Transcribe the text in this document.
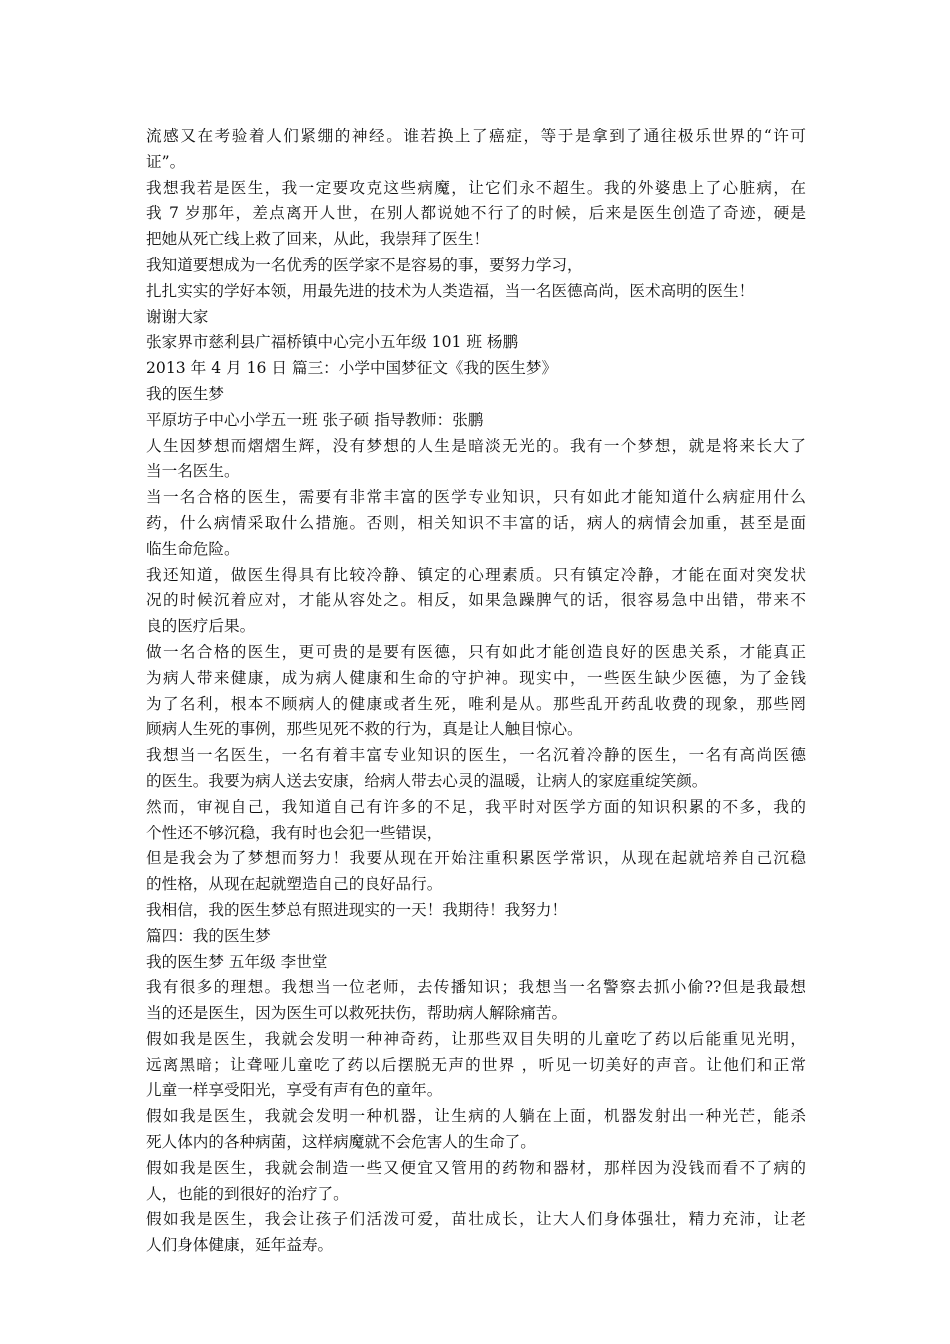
流感又在考验着人们紧绷的神经。谁若换上了癌症，等于是拿到了通往极乐世界的“许可
证”。
我想我若是医生，我一定要攻克这些病魔，让它们永不超生。我的外婆患上了心脏病，在
我 7 岁那年，差点离开人世，在别人都说她不行了的时候，后来是医生创造了奇迹，硬是
把她从死亡线上救了回来，从此，我崇拜了医生！
我知道要想成为一名优秀的医学家不是容易的事，要努力学习，
扎扎实实的学好本领，用最先进的技术为人类造福，当一名医德高尚，医术高明的医生！
谢谢大家
张家界市慈利县广福桥镇中心完小五年级 101 班 杨鹏
2013 年 4 月 16 日 篇三：小学中国梦征文《我的医生梦》
我的医生梦
平原坊子中心小学五一班 张子硕 指导教师：张鹏
人生因梦想而熠熠生辉，没有梦想的人生是暗淡无光的。我有一个梦想，就是将来长大了
当一名医生。
当一名合格的医生，需要有非常丰富的医学专业知识，只有如此才能知道什么病症用什么
药，什么病情采取什么措施。否则，相关知识不丰富的话，病人的病情会加重，甚至是面
临生命危险。
我还知道，做医生得具有比较冷静、镇定的心理素质。只有镇定冷静，才能在面对突发状
况的时候沉着应对，才能从容处之。相反，如果急躁脾气的话，很容易急中出错，带来不
良的医疗后果。
做一名合格的医生，更可贵的是要有医德，只有如此才能创造良好的医患关系，才能真正
为病人带来健康，成为病人健康和生命的守护神。现实中，一些医生缺少医德，为了金钱
为了名利，根本不顾病人的健康或者生死，唯利是从。那些乱开药乱收费的现象，那些罔
顾病人生死的事例，那些见死不救的行为，真是让人触目惊心。
我想当一名医生，一名有着丰富专业知识的医生，一名沉着冷静的医生，一名有高尚医德
的医生。我要为病人送去安康，给病人带去心灵的温暖，让病人的家庭重绽笑颜。
然而，审视自己，我知道自己有许多的不足，我平时对医学方面的知识积累的不多，我的
个性还不够沉稳，我有时也会犯一些错误，
但是我会为了梦想而努力！我要从现在开始注重积累医学常识，从现在起就培养自己沉稳
的性格，从现在起就塑造自己的良好品行。
我相信，我的医生梦总有照进现实的一天！我期待！我努力！
篇四：我的医生梦
我的医生梦 五年级 李世堂
我有很多的理想。我想当一位老师，去传播知识；我想当一名警察去抓小偷??但是我最想
当的还是医生，因为医生可以救死扶伤，帮助病人解除痛苦。
假如我是医生，我就会发明一种神奇药，让那些双目失明的儿童吃了药以后能重见光明，
远离黑暗；让聋哑儿童吃了药以后摆脱无声的世界 ，听见一切美好的声音。让他们和正常
儿童一样享受阳光，享受有声有色的童年。
假如我是医生，我就会发明一种机器，让生病的人躺在上面，机器发射出一种光芒，能杀
死人体内的各种病菌，这样病魔就不会危害人的生命了。
假如我是医生，我就会制造一些又便宜又管用的药物和器材，那样因为没钱而看不了病的
人，也能的到很好的治疗了。
假如我是医生，我会让孩子们活泼可爱，苗壮成长，让大人们身体强壮，精力充沛，让老
人们身体健康，延年益寿。
